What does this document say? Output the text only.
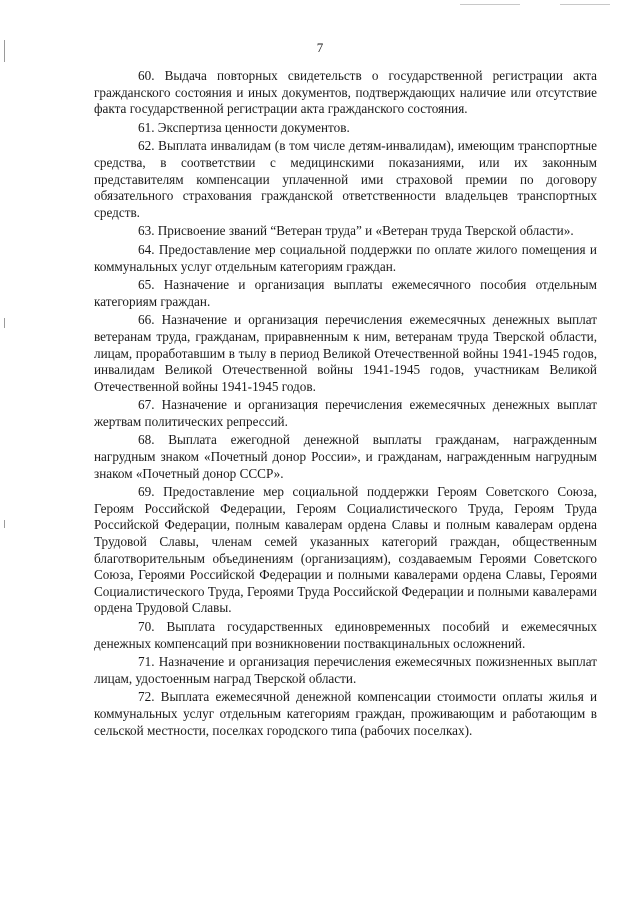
7

60. Выдача повторных свидетельств о государственной регистрации акта гражданского состояния и иных документов, подтверждающих наличие или отсутствие факта государственной регистрации акта гражданского состояния.

61. Экспертиза ценности документов.

62. Выплата инвалидам (в том числе детям-инвалидам), имеющим транспортные средства, в соответствии с медицинскими показаниями, или их законным представителям компенсации уплаченной ими страховой премии по договору обязательного страхования гражданской ответственности владельцев транспортных средств.

63. Присвоение званий “Ветеран труда” и «Ветеран труда Тверской области».

64. Предоставление мер социальной поддержки по оплате жилого помещения и коммунальных услуг отдельным категориям граждан.

65. Назначение и организация выплаты ежемесячного пособия отдельным категориям граждан.

66. Назначение и организация перечисления ежемесячных денежных выплат ветеранам труда, гражданам, приравненным к ним, ветеранам труда Тверской области, лицам, проработавшим в тылу в период Великой Отечественной войны 1941-1945 годов, инвалидам Великой Отечественной войны 1941-1945 годов, участникам Великой Отечественной войны 1941-1945 годов.

67. Назначение и организация перечисления ежемесячных денежных выплат жертвам политических репрессий.

68. Выплата ежегодной денежной выплаты гражданам, награжденным нагрудным знаком «Почетный донор России», и гражданам, награжденным нагрудным знаком «Почетный донор СССР».

69. Предоставление мер социальной поддержки Героям Советского Союза, Героям Российской Федерации, Героям Социалистического Труда, Героям Труда Российской Федерации, полным кавалерам ордена Славы и полным кавалерам ордена Трудовой Славы, членам семей указанных категорий граждан, общественным благотворительным объединениям (организациям), создаваемым Героями Советского Союза, Героями Российской Федерации и полными кавалерами ордена Славы, Героями Социалистического Труда, Героями Труда Российской Федерации и полными кавалерами ордена Трудовой Славы.

70. Выплата государственных единовременных пособий и ежемесячных денежных компенсаций при возникновении поствакцинальных осложнений.

71. Назначение и организация перечисления ежемесячных пожизненных выплат лицам, удостоенным наград Тверской области.

72. Выплата ежемесячной денежной компенсации стоимости оплаты жилья и коммунальных услуг отдельным категориям граждан, проживающим и работающим в сельской местности, поселках городского типа (рабочих поселках).
